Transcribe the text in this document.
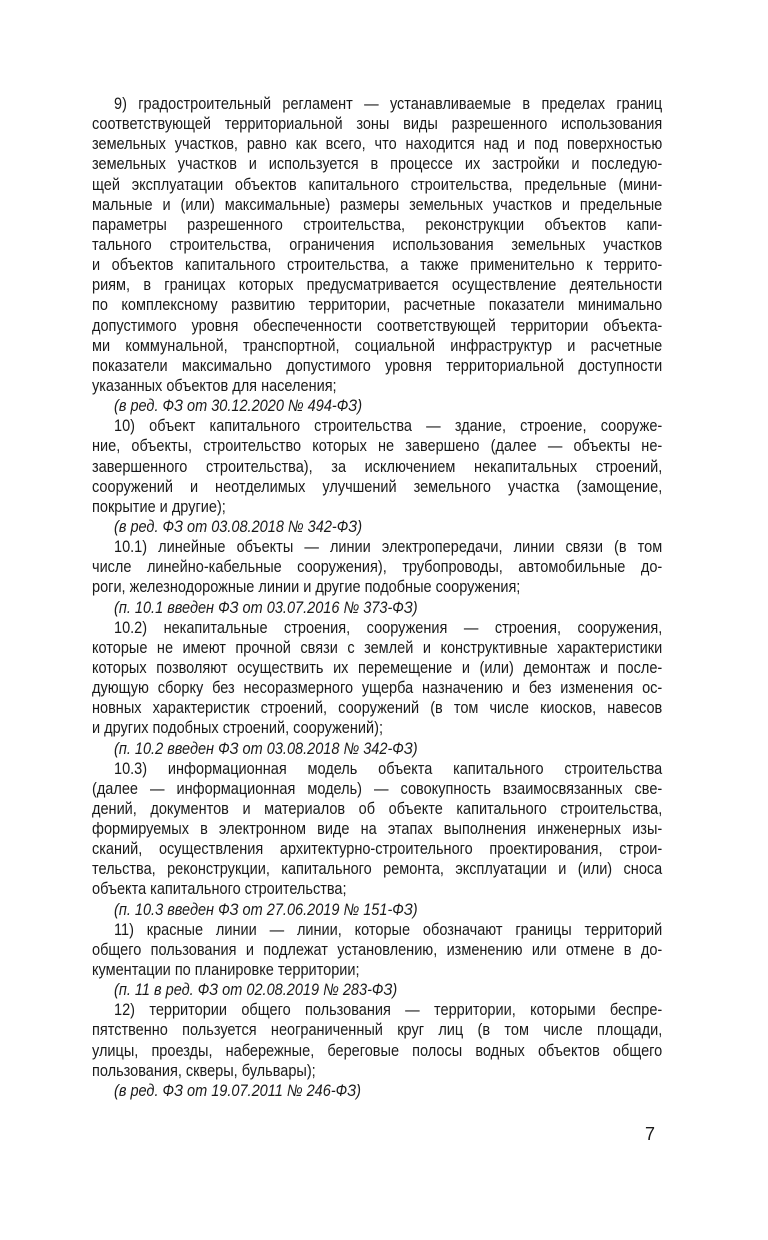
9) градостроительный регламент — устанавливаемые в пределах границ
соответствующей территориальной зоны виды разрешенного использования
земельных участков, равно как всего, что находится над и под поверхностью
земельных участков и используется в процессе их застройки и последую-
щей эксплуатации объектов капитального строительства, предельные (мини-
мальные и (или) максимальные) размеры земельных участков и предельные
параметры разрешенного строительства, реконструкции объектов капи-
тального строительства, ограничения использования земельных участков
и объектов капитального строительства, а также применительно к террито-
риям, в границах которых предусматривается осуществление деятельности
по комплексному развитию территории, расчетные показатели минимально
допустимого уровня обеспеченности соответствующей территории объекта-
ми коммунальной, транспортной, социальной инфраструктур и расчетные
показатели максимально допустимого уровня территориальной доступности
указанных объектов для населения;
(в ред. ФЗ от 30.12.2020 № 494-ФЗ)
10) объект капитального строительства — здание, строение, сооруже-
ние, объекты, строительство которых не завершено (далее — объекты не-
завершенного строительства), за исключением некапитальных строений,
сооружений и неотделимых улучшений земельного участка (замощение,
покрытие и другие);
(в ред. ФЗ от 03.08.2018 № 342-ФЗ)
10.1) линейные объекты — линии электропередачи, линии связи (в том
числе линейно-кабельные сооружения), трубопроводы, автомобильные до-
роги, железнодорожные линии и другие подобные сооружения;
(п. 10.1 введен ФЗ от 03.07.2016 № 373-ФЗ)
10.2) некапитальные строения, сооружения — строения, сооружения,
которые не имеют прочной связи с землей и конструктивные характеристики
которых позволяют осуществить их перемещение и (или) демонтаж и после-
дующую сборку без несоразмерного ущерба назначению и без изменения ос-
новных характеристик строений, сооружений (в том числе киосков, навесов
и других подобных строений, сооружений);
(п. 10.2 введен ФЗ от 03.08.2018 № 342-ФЗ)
10.3) информационная модель объекта капитального строительства
(далее — информационная модель) — совокупность взаимосвязанных све-
дений, документов и материалов об объекте капитального строительства,
формируемых в электронном виде на этапах выполнения инженерных изы-
сканий, осуществления архитектурно-строительного проектирования, строи-
тельства, реконструкции, капитального ремонта, эксплуатации и (или) сноса
объекта капитального строительства;
(п. 10.3 введен ФЗ от 27.06.2019 № 151-ФЗ)
11) красные линии — линии, которые обозначают границы территорий
общего пользования и подлежат установлению, изменению или отмене в до-
кументации по планировке территории;
(п. 11 в ред. ФЗ от 02.08.2019 № 283-ФЗ)
12) территории общего пользования — территории, которыми беспре-
пятственно пользуется неограниченный круг лиц (в том числе площади,
улицы, проезды, набережные, береговые полосы водных объектов общего
пользования, скверы, бульвары);
(в ред. ФЗ от 19.07.2011 № 246-ФЗ)
7
